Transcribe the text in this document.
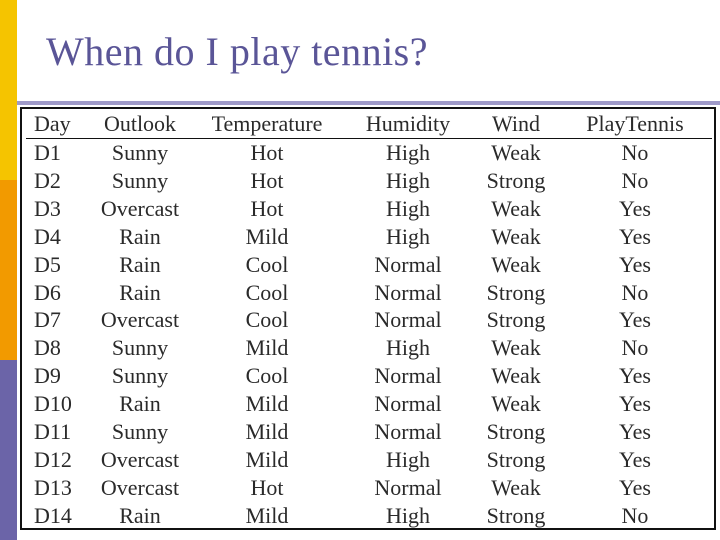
When do I play tennis?
Day	Outlook	Temperature	Humidity	Wind	PlayTennis
D1	Sunny	Hot	High	Weak	No
D2	Sunny	Hot	High	Strong	No
D3	Overcast	Hot	High	Weak	Yes
D4	Rain	Mild	High	Weak	Yes
D5	Rain	Cool	Normal	Weak	Yes
D6	Rain	Cool	Normal	Strong	No
D7	Overcast	Cool	Normal	Strong	Yes
D8	Sunny	Mild	High	Weak	No
D9	Sunny	Cool	Normal	Weak	Yes
D10	Rain	Mild	Normal	Weak	Yes
D11	Sunny	Mild	Normal	Strong	Yes
D12	Overcast	Mild	High	Strong	Yes
D13	Overcast	Hot	Normal	Weak	Yes
D14	Rain	Mild	High	Strong	No
